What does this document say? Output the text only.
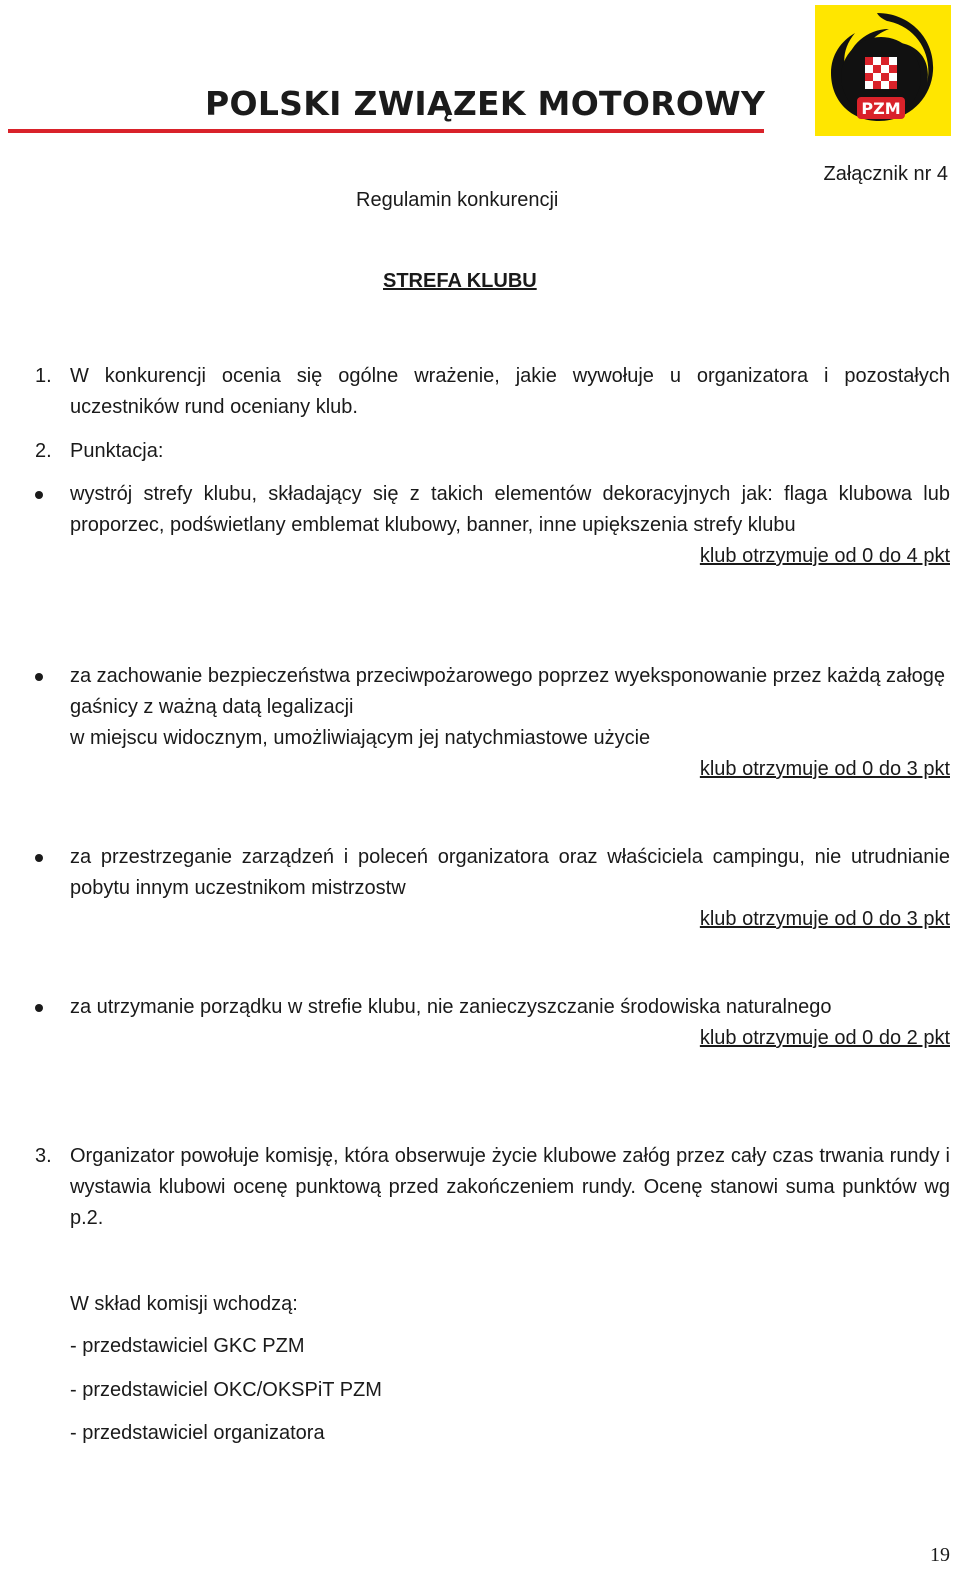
POLSKI ZWIĄZEK MOTOROWY	PZM
Załącznik nr 4
Regulamin konkurencji
STREFA KLUBU
1. W konkurencji ocenia się ogólne wrażenie, jakie wywołuje u organizatora i pozostałych uczestników rund oceniany klub.
2. Punktacja:
wystrój strefy klubu, składający się z takich elementów dekoracyjnych jak: flaga klubowa lub proporzec, podświetlany emblemat klubowy, banner, inne upiększenia strefy klubu
klub otrzymuje od 0 do 4 pkt
za zachowanie bezpieczeństwa przeciwpożarowego poprzez wyeksponowanie przez każdą załogę gaśnicy z ważną datą legalizacji
w miejscu widocznym, umożliwiającym jej natychmiastowe użycie
klub otrzymuje od 0 do 3 pkt
za przestrzeganie zarządzeń i poleceń organizatora oraz właściciela campingu, nie utrudnianie pobytu innym uczestnikom mistrzostw
klub otrzymuje od 0 do 3 pkt
za utrzymanie porządku w strefie klubu, nie zanieczyszczanie środowiska naturalnego
klub otrzymuje od 0 do 2 pkt
3. Organizator powołuje komisję, która obserwuje życie klubowe załóg przez cały czas trwania rundy i wystawia klubowi ocenę punktową przed zakończeniem rundy. Ocenę stanowi suma punktów wg p.2.
W skład komisji wchodzą:
- przedstawiciel GKC PZM
- przedstawiciel OKC/OKSPiT PZM
- przedstawiciel organizatora
19
